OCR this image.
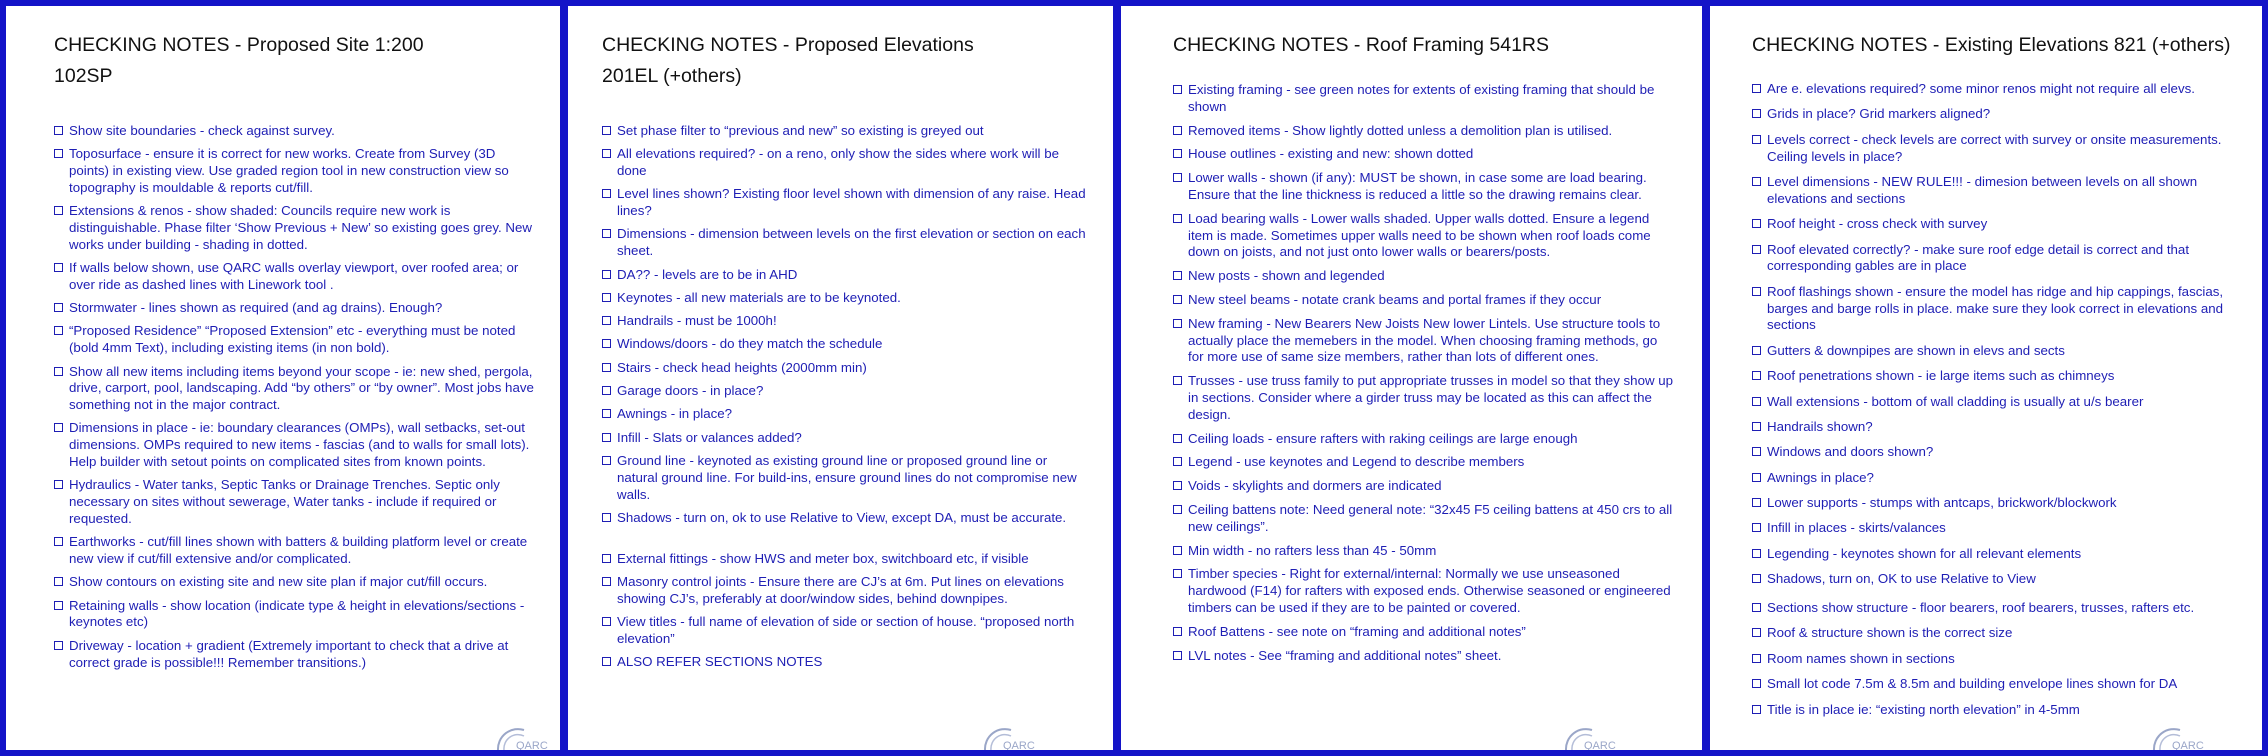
CHECKING NOTES - Proposed Site 1:200
102SP
Show site boundaries - check against survey.
Toposurface - ensure it is correct for new works. Create from Survey (3D points) in existing view. Use graded region tool in new construction view so topography is mouldable & reports cut/fill.
Extensions & renos - show shaded: Councils require new work is distinguishable. Phase filter ‘Show Previous + New’ so existing goes grey. New works under building - shading in dotted.
If walls below shown, use QARC walls overlay viewport, over roofed area; or over ride as dashed lines with Linework tool .
Stormwater - lines shown as required (and ag drains). Enough?
“Proposed Residence” “Proposed Extension” etc - everything must be noted (bold 4mm Text), including existing items (in non bold).
Show all new items including items beyond your scope - ie: new shed, pergola, drive, carport, pool, landscaping. Add “by others” or “by owner”. Most jobs have something not in the major contract.
Dimensions in place - ie: boundary clearances (OMPs), wall setbacks, set-out dimensions. OMPs required to new items - fascias (and to walls for small lots). Help builder with setout points on complicated sites from known points.
Hydraulics - Water tanks, Septic Tanks or Drainage Trenches. Septic only necessary on sites without sewerage, Water tanks - include if required or requested.
Earthworks - cut/fill lines shown with batters & building platform level or create new view if cut/fill extensive and/or complicated.
Show contours on existing site and new site plan if major cut/fill occurs.
Retaining walls - show location (indicate type & height in elevations/sections - keynotes etc)
Driveway - location + gradient (Extremely important to check that a drive at correct grade is possible!!! Remember transitions.)
QARC
CHECKING NOTES - Proposed Elevations
201EL (+others)
Set phase filter to “previous and new” so existing is greyed out
All elevations required? - on a reno, only show the sides where work will be done
Level lines shown? Existing floor level shown with dimension of any raise. Head lines?
Dimensions - dimension between levels on the first elevation or section on each sheet.
DA?? - levels are to be in AHD
Keynotes - all new materials are to be keynoted.
Handrails - must be 1000h!
Windows/doors - do they match the schedule
Stairs - check head heights (2000mm min)
Garage doors - in place?
Awnings - in place?
Infill - Slats or valances added?
Ground line - keynoted as existing ground line or proposed ground line or natural ground line. For build-ins, ensure ground lines do not compromise new walls.
Shadows - turn on, ok to use Relative to View, except DA, must be accurate.
External fittings - show HWS and meter box, switchboard etc, if visible
Masonry control joints - Ensure there are CJ’s at 6m. Put lines on elevations showing CJ’s, preferably at door/window sides, behind downpipes.
View titles - full name of elevation of side or section of house. “proposed north elevation”
ALSO REFER SECTIONS NOTES
QARC
CHECKING NOTES - Roof Framing 541RS
Existing framing - see green notes for extents of existing framing that should be shown
Removed items - Show lightly dotted unless a demolition plan is utilised.
House outlines - existing and new: shown dotted
Lower walls - shown (if any): MUST be shown, in case some are load bearing. Ensure that the line thickness is reduced a little so the drawing remains clear.
Load bearing walls - Lower walls shaded. Upper walls dotted. Ensure a legend item is made. Sometimes upper walls need to be shown when roof loads come down on joists, and not just onto lower walls or bearers/posts.
New posts - shown and legended
New steel beams - notate crank beams and portal frames if they occur
New framing - New Bearers New Joists New lower Lintels. Use structure tools to actually place the memebers in the model. When choosing framing methods, go for more use of same size members, rather than lots of different ones.
Trusses - use truss family to put appropriate trusses in model so that they show up in sections. Consider where a girder truss may be located as this can affect the design.
Ceiling loads - ensure rafters with raking ceilings are large enough
Legend - use keynotes and Legend to describe members
Voids - skylights and dormers are indicated
Ceiling battens note: Need general note: “32x45 F5 ceiling battens at 450 crs to all new ceilings”.
Min width - no rafters less than 45 - 50mm
Timber species - Right for external/internal: Normally we use unseasoned hardwood (F14) for rafters with exposed ends. Otherwise seasoned or engineered timbers can be used if they are to be painted or covered.
Roof Battens - see note on “framing and additional notes”
LVL notes - See “framing and additional notes” sheet.
QARC
CHECKING NOTES - Existing Elevations 821 (+others)
Are e. elevations required? some minor renos might not require all elevs.
Grids in place? Grid markers aligned?
Levels correct - check levels are correct with survey or onsite measurements. Ceiling levels in place?
Level dimensions - NEW RULE!!! - dimesion between levels on all shown elevations and sections
Roof height - cross check with survey
Roof elevated correctly? - make sure roof edge detail is correct and that corresponding gables are in place
Roof flashings shown - ensure the model has ridge and hip cappings, fascias, barges and barge rolls in place. make sure they look correct in elevations and sections
Gutters & downpipes are shown in elevs and sects
Roof penetrations shown - ie large items such as chimneys
Wall extensions - bottom of wall cladding is usually at u/s bearer
Handrails shown?
Windows and doors shown?
Awnings in place?
Lower supports - stumps with antcaps, brickwork/blockwork
Infill in places - skirts/valances
Legending - keynotes shown for all relevant elements
Shadows, turn on, OK to use Relative to View
Sections show structure - floor bearers, roof bearers, trusses, rafters etc.
Roof & structure shown is the correct size
Room names shown in sections
Small lot code 7.5m & 8.5m and building envelope lines shown for DA
Title is in place ie: “existing north elevation” in 4-5mm
QARC
